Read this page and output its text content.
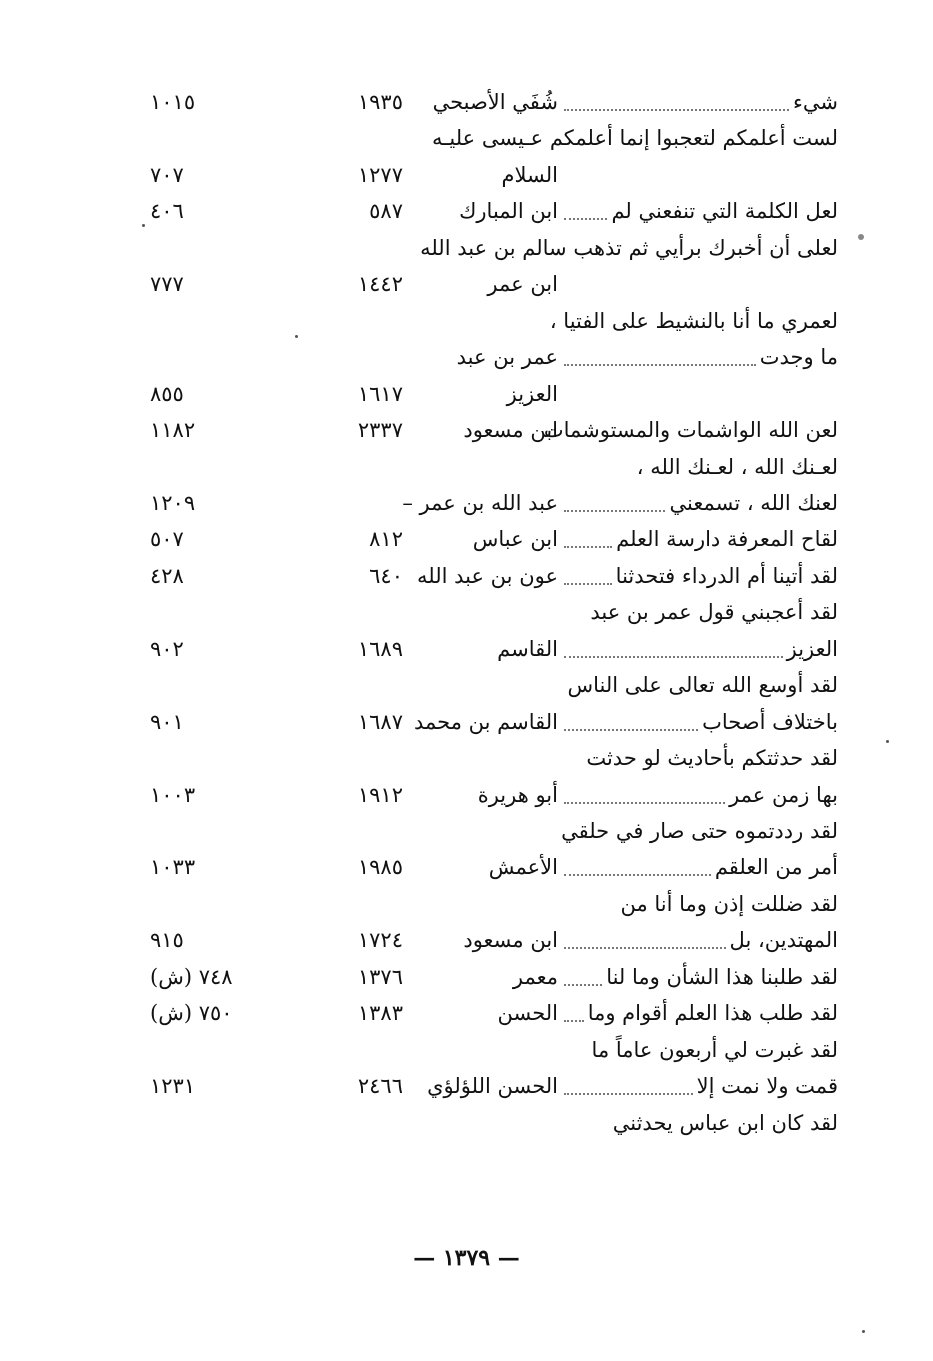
شيء
شُفَي الأصبحي
١٩٣٥
١٠١٥
لست أعلمكم لتعجبوا إنما أعلمكم عـيسى عليـه
السلام
١٢٧٧
٧٠٧
لعل الكلمة التي تنفعني لم
ابن المبارك
٥٨٧
٤٠٦
لعلى أن أخبرك برأيي ثم تذهب سالم بن عبد الله
ابن عمر
١٤٤٢
٧٧٧
لعمري ما أنا بالنشيط على الفتيا ،
ما وجدت
عمر بن عبد
العزيز
١٦١٧
٨٥٥
لعن الله الواشمات والمستوشمات
ابن مسعود
٢٣٣٧
١١٨٢
لعـنك الله ، لعـنك الله ،
لعنك الله ، تسمعني
عبد الله بن عمر –
١٢٠٩
لقاح المعرفة دارسة العلم
ابن عباس
٨١٢
٥٠٧
لقد أتينا أم الدرداء فتحدثنا
عون بن عبد الله
٦٤٠
٤٢٨
لقد أعجبني قول عمر بن عبد
العزيز
القاسم
١٦٨٩
٩٠٢
لقد أوسع الله تعالى على الناس
باختلاف أصحاب
القاسم بن محمد
١٦٨٧
٩٠١
لقد حدثتكم بأحاديث لو حدثت
بها زمن عمر
أبو هريرة
١٩١٢
١٠٠٣
لقد رددتموه حتى صار في حلقي
أمر من العلقم
الأعمش
١٩٨٥
١٠٣٣
لقد ضللت إذن وما أنا من
المهتدين، بل
ابن مسعود
١٧٢٤
٩١٥
لقد طلبنا هذا الشأن وما لنا
معمر
١٣٧٦
٧٤٨ (ش)
لقد طلب هذا العلم أقوام وما
الحسن
١٣٨٣
٧٥٠ (ش)
لقد غبرت لي أربعون عاماً ما
قمت ولا نمت إلا
الحسن اللؤلؤي
٢٤٦٦
١٢٣١
لقد كان ابن عباس يحدثني
— ١٣٧٩ —
